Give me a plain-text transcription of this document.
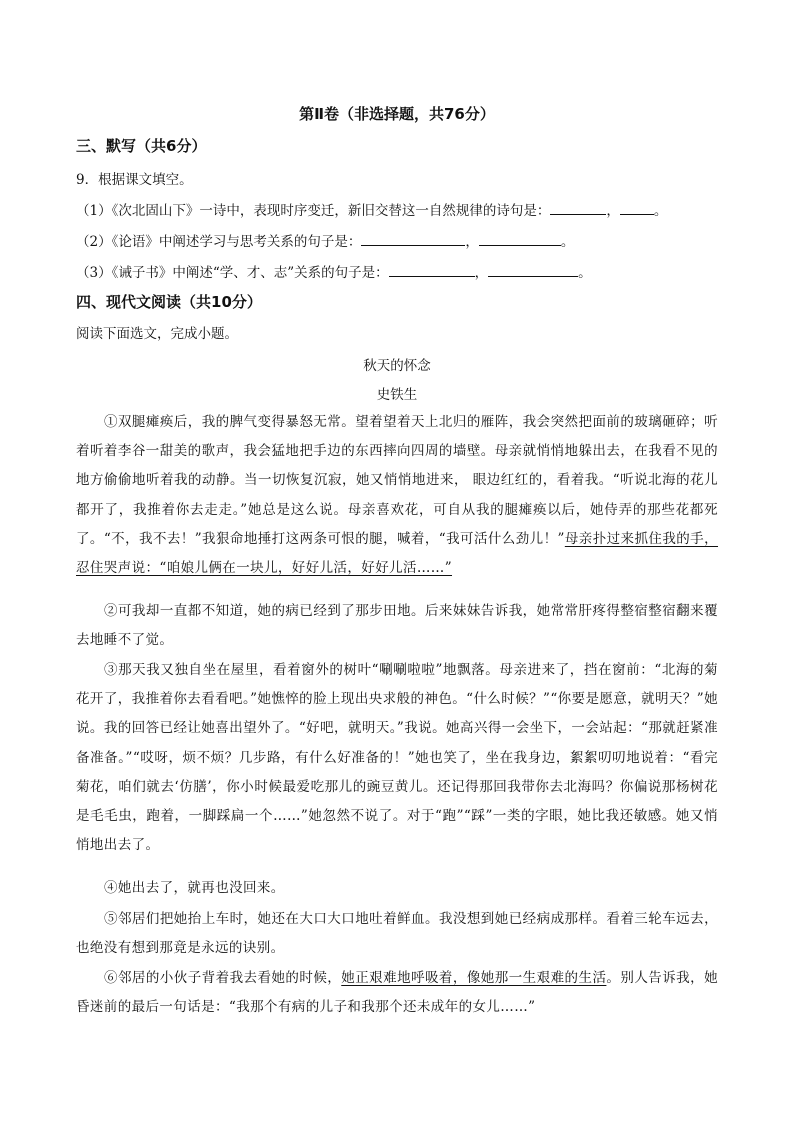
第Ⅱ卷（非选择题，共76分）
三、默写（共6分）
9．根据课文填空。
（1）《次北固山下》一诗中，表现时序变迁，新旧交替这一自然规律的诗句是：	，	。
（2）《论语》中阐述学习与思考关系的句子是：	，	。
（3）《诫子书》中阐述“学、才、志”关系的句子是：	，	。
四、现代文阅读（共10分）
阅读下面选文，完成小题。
秋天的怀念
史铁生
①双腿瘫痪后，我的脾气变得暴怒无常。望着望着天上北归的雁阵，我会突然把面前的玻璃砸碎；听着听着李谷一甜美的歌声，我会猛地把手边的东西摔向四周的墙壁。母亲就悄悄地躲出去，在我看不见的地方偷偷地听着我的动静。当一切恢复沉寂，她又悄悄地进来， 眼边红红的，看着我。“听说北海的花儿都开了，我推着你去走走。”她总是这么说。母亲喜欢花，可自从我的腿瘫痪以后，她侍弄的那些花都死了。“不，我不去！”我狠命地捶打这两条可恨的腿，喊着，“我可活什么劲儿！”母亲扑过来抓住我的手，忍住哭声说：“咱娘儿俩在一块儿，好好儿活，好好儿活……”
②可我却一直都不知道，她的病已经到了那步田地。后来妹妹告诉我，她常常肝疼得整宿整宿翻来覆去地睡不了觉。
③那天我又独自坐在屋里，看着窗外的树叶“唰唰啦啦”地飘落。母亲进来了，挡在窗前：“北海的菊花开了，我推着你去看看吧。”她憔悴的脸上现出央求般的神色。“什么时候？”“你要是愿意，就明天？”她说。我的回答已经让她喜出望外了。“好吧，就明天。”我说。她高兴得一会坐下，一会站起：“那就赶紧准备准备。”“哎呀，烦不烦？几步路，有什么好准备的！”她也笑了，坐在我身边，絮絮叨叨地说着：“看完菊花，咱们就去‘仿膳’，你小时候最爱吃那儿的豌豆黄儿。还记得那回我带你去北海吗？你偏说那杨树花是毛毛虫，跑着，一脚踩扁一个……”她忽然不说了。对于“跑”“踩”一类的字眼，她比我还敏感。她又悄悄地出去了。
④她出去了，就再也没回来。
⑤邻居们把她抬上车时，她还在大口大口地吐着鲜血。我没想到她已经病成那样。看着三轮车远去，也绝没有想到那竟是永远的诀别。
⑥邻居的小伙子背着我去看她的时候，她正艰难地呼吸着，像她那一生艰难的生活。别人告诉我，她昏迷前的最后一句话是：“我那个有病的儿子和我那个还未成年的女儿……”
